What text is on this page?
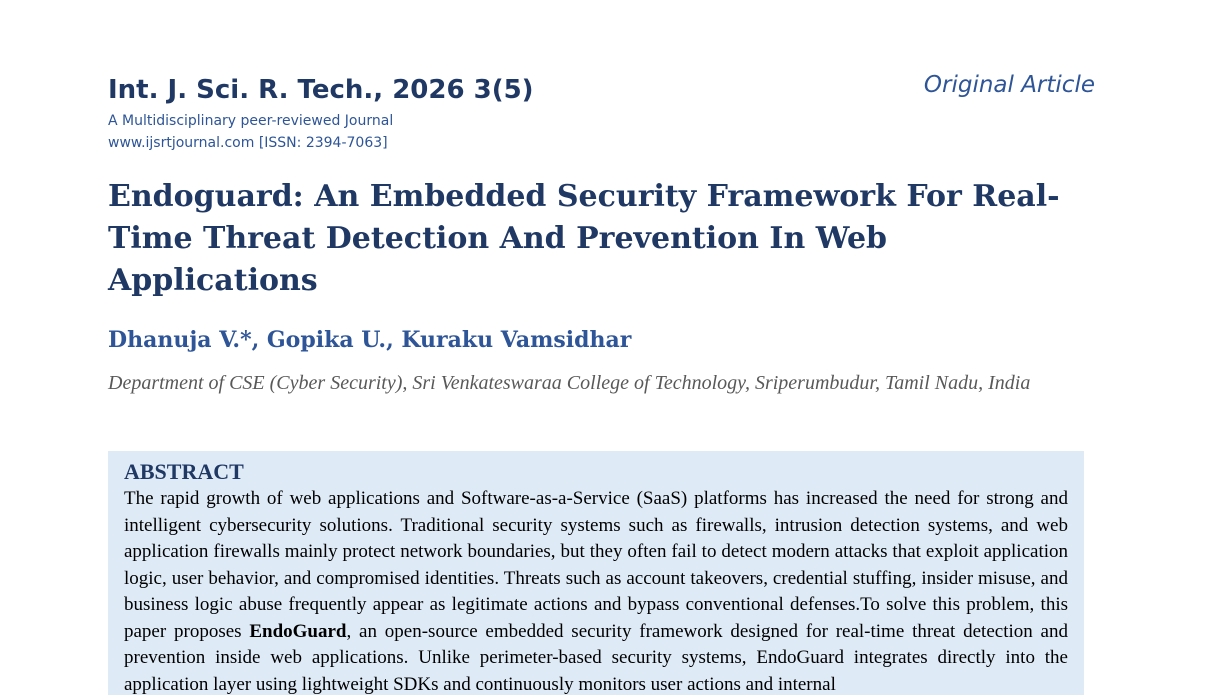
Int. J. Sci. R. Tech., 2026 3(5)
A Multidisciplinary peer-reviewed Journal
www.ijsrtjournal.com [ISSN: 2394-7063]
Original Article
Endoguard: An Embedded Security Framework For Real-Time Threat Detection And Prevention In Web Applications
Dhanuja V.*, Gopika U., Kuraku Vamsidhar
Department of CSE (Cyber Security), Sri Venkateswaraa College of Technology, Sriperumbudur, Tamil Nadu, India
ABSTRACT

The rapid growth of web applications and Software-as-a-Service (SaaS) platforms has increased the need for strong and intelligent cybersecurity solutions. Traditional security systems such as firewalls, intrusion detection systems, and web application firewalls mainly protect network boundaries, but they often fail to detect modern attacks that exploit application logic, user behavior, and compromised identities. Threats such as account takeovers, credential stuffing, insider misuse, and business logic abuse frequently appear as legitimate actions and bypass conventional defenses.To solve this problem, this paper proposes EndoGuard, an open-source embedded security framework designed for real-time threat detection and prevention inside web applications. Unlike perimeter-based security systems, EndoGuard integrates directly into the application layer using lightweight SDKs and continuously monitors user actions and internal
